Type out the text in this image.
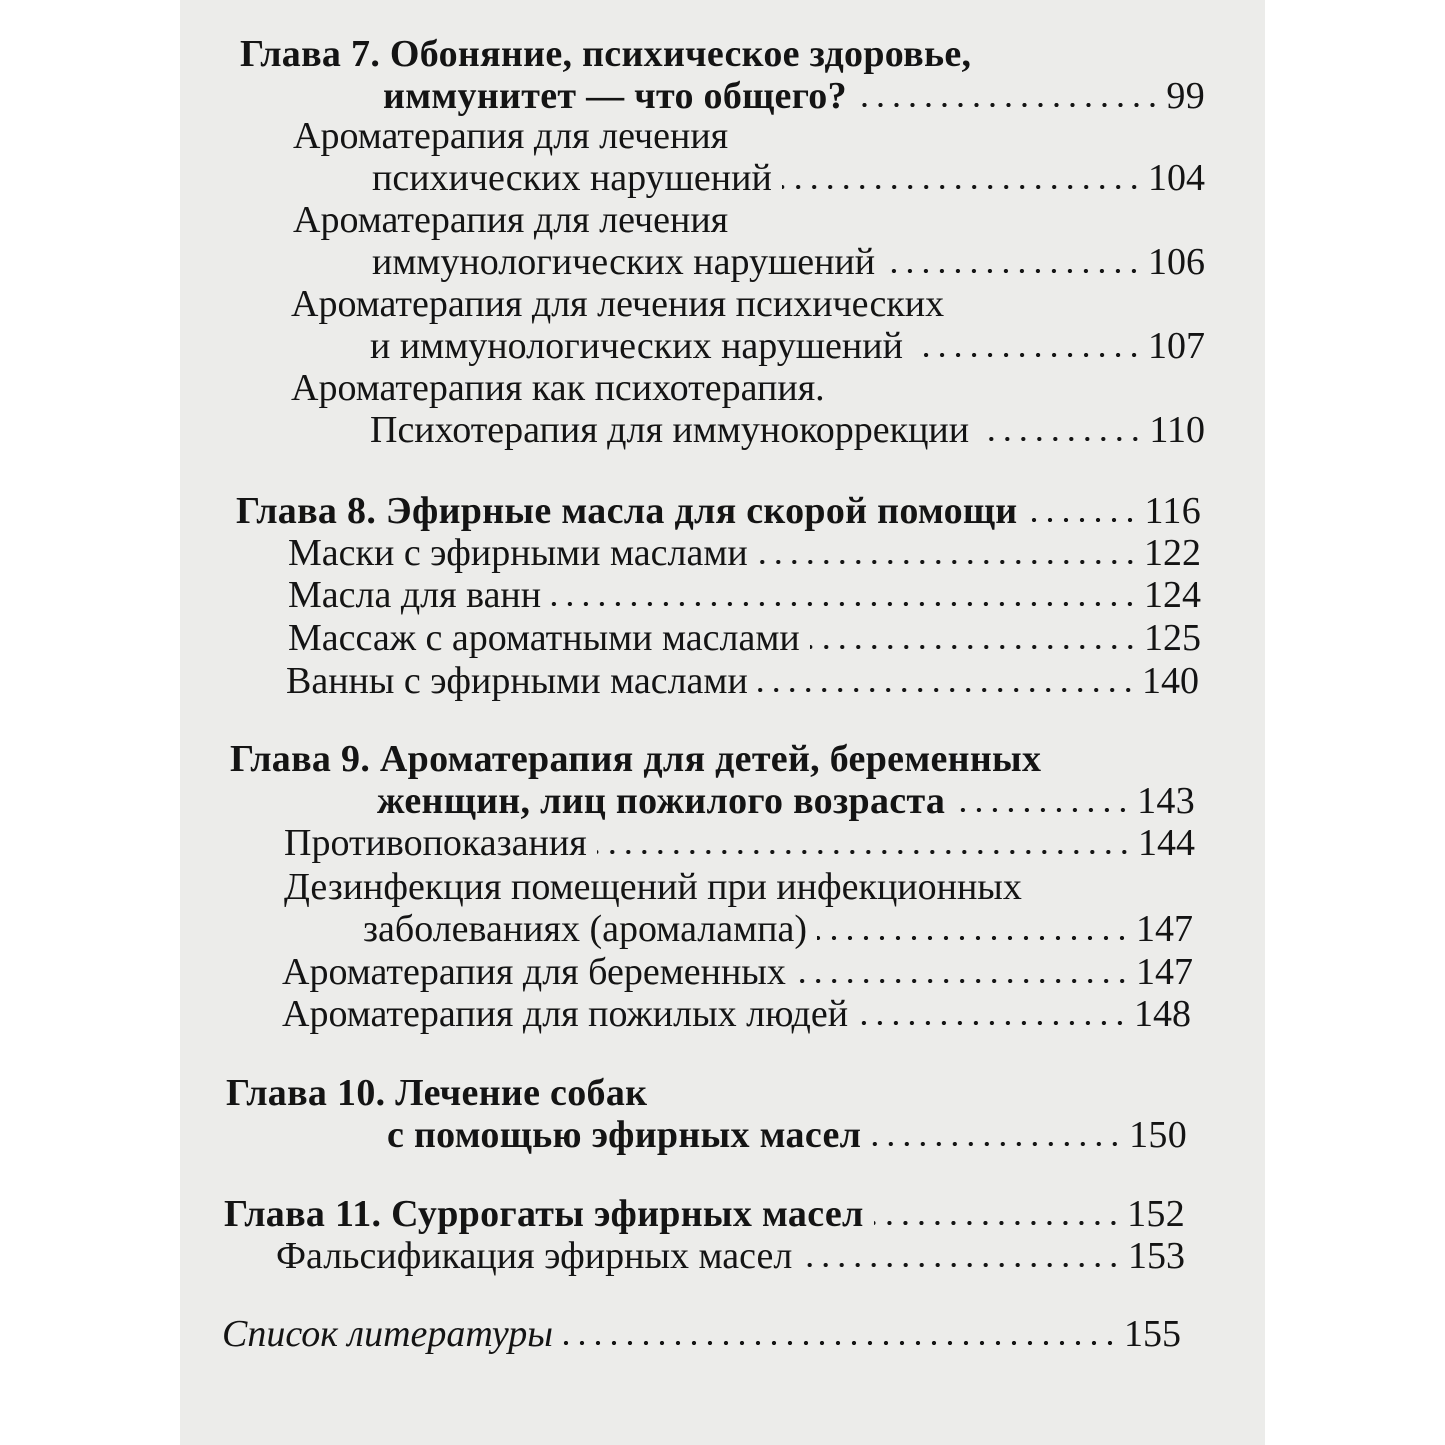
Глава 7. Обоняние, психическое здоровье,
иммунитет — что общего?	99
Ароматерапия для лечения
психических нарушений	104
Ароматерапия для лечения
иммунологических нарушений	106
Ароматерапия для лечения психических
и иммунологических нарушений	107
Ароматерапия как психотерапия.
Психотерапия для иммунокоррекции	110
Глава 8. Эфирные масла для скорой помощи	116
Маски с эфирными маслами	122
Масла для ванн	124
Массаж с ароматными маслами	125
Ванны с эфирными маслами	140
Глава 9. Ароматерапия для детей, беременных
женщин, лиц пожилого возраста	143
Противопоказания	144
Дезинфекция помещений при инфекционных
заболеваниях (аромалампа)	147
Ароматерапия для беременных	147
Ароматерапия для пожилых людей	148
Глава 10. Лечение собак
с помощью эфирных масел	150
Глава 11. Суррогаты эфирных масел	152
Фальсификация эфирных масел	153
Список литературы	155
